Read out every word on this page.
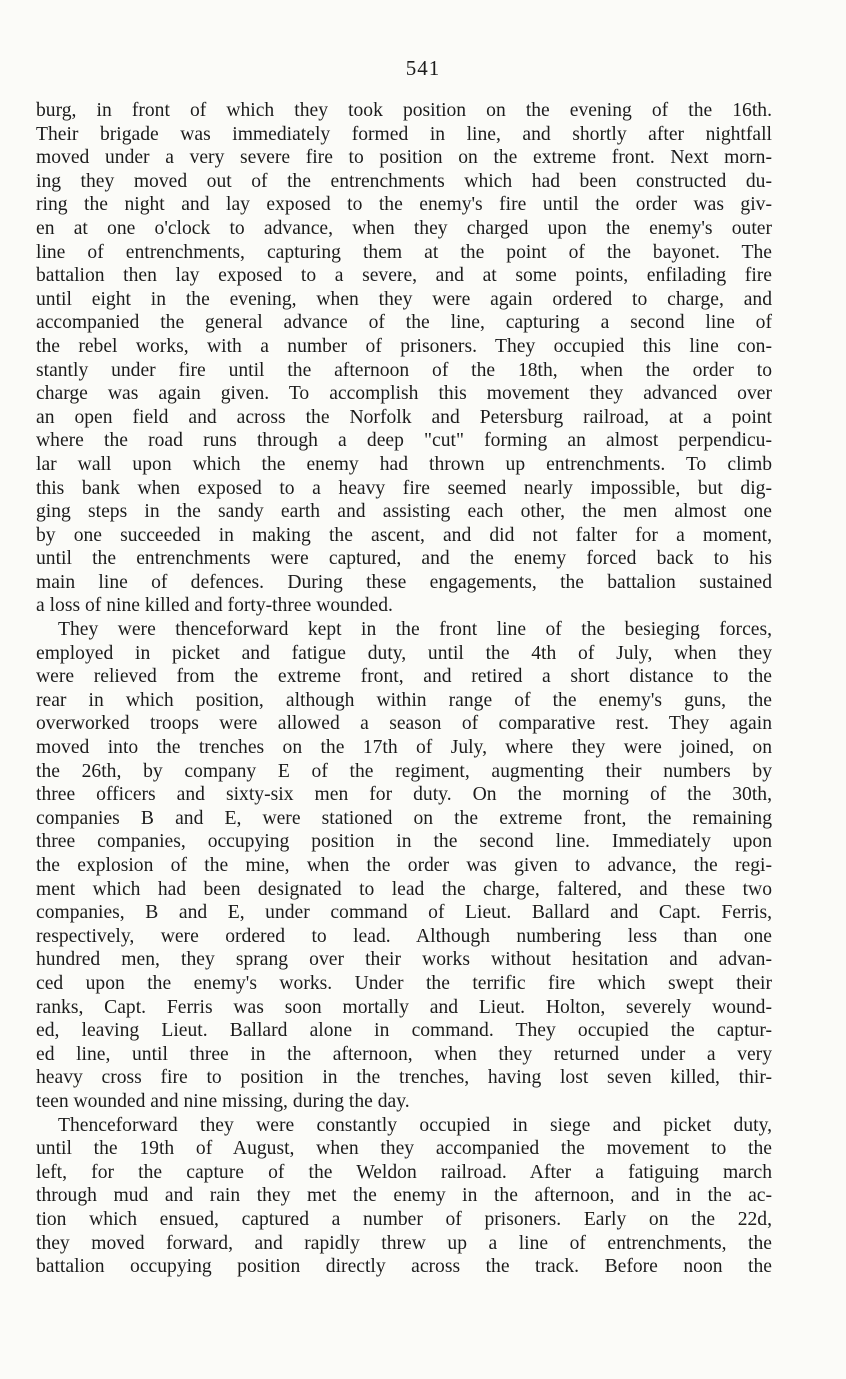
541
burg, in front of which they took position on the evening of the 16th.
Their brigade was immediately formed in line, and shortly after nightfall
moved under a very severe fire to position on the extreme front. Next morn-
ing they moved out of the entrenchments which had been constructed du-
ring the night and lay exposed to the enemy's fire until the order was giv-
en at one o'clock to advance, when they charged upon the enemy's outer
line of entrenchments, capturing them at the point of the bayonet. The
battalion then lay exposed to a severe, and at some points, enfilading fire
until eight in the evening, when they were again ordered to charge, and
accompanied the general advance of the line, capturing a second line of
the rebel works, with a number of prisoners. They occupied this line con-
stantly under fire until the afternoon of the 18th, when the order to
charge was again given. To accomplish this movement they advanced over
an open field and across the Norfolk and Petersburg railroad, at a point
where the road runs through a deep "cut" forming an almost perpendicu-
lar wall upon which the enemy had thrown up entrenchments. To climb
this bank when exposed to a heavy fire seemed nearly impossible, but dig-
ging steps in the sandy earth and assisting each other, the men almost one
by one succeeded in making the ascent, and did not falter for a moment,
until the entrenchments were captured, and the enemy forced back to his
main line of defences. During these engagements, the battalion sustained
a loss of nine killed and forty-three wounded.
They were thenceforward kept in the front line of the besieging forces,
employed in picket and fatigue duty, until the 4th of July, when they
were relieved from the extreme front, and retired a short distance to the
rear in which position, although within range of the enemy's guns, the
overworked troops were allowed a season of comparative rest. They again
moved into the trenches on the 17th of July, where they were joined, on
the 26th, by company E of the regiment, augmenting their numbers by
three officers and sixty-six men for duty. On the morning of the 30th,
companies B and E, were stationed on the extreme front, the remaining
three companies, occupying position in the second line. Immediately upon
the explosion of the mine, when the order was given to advance, the regi-
ment which had been designated to lead the charge, faltered, and these two
companies, B and E, under command of Lieut. Ballard and Capt. Ferris,
respectively, were ordered to lead. Although numbering less than one
hundred men, they sprang over their works without hesitation and advan-
ced upon the enemy's works. Under the terrific fire which swept their
ranks, Capt. Ferris was soon mortally and Lieut. Holton, severely wound-
ed, leaving Lieut. Ballard alone in command. They occupied the captur-
ed line, until three in the afternoon, when they returned under a very
heavy cross fire to position in the trenches, having lost seven killed, thir-
teen wounded and nine missing, during the day.
Thenceforward they were constantly occupied in siege and picket duty,
until the 19th of August, when they accompanied the movement to the
left, for the capture of the Weldon railroad. After a fatiguing march
through mud and rain they met the enemy in the afternoon, and in the ac-
tion which ensued, captured a number of prisoners. Early on the 22d,
they moved forward, and rapidly threw up a line of entrenchments, the
battalion occupying position directly across the track. Before noon the
